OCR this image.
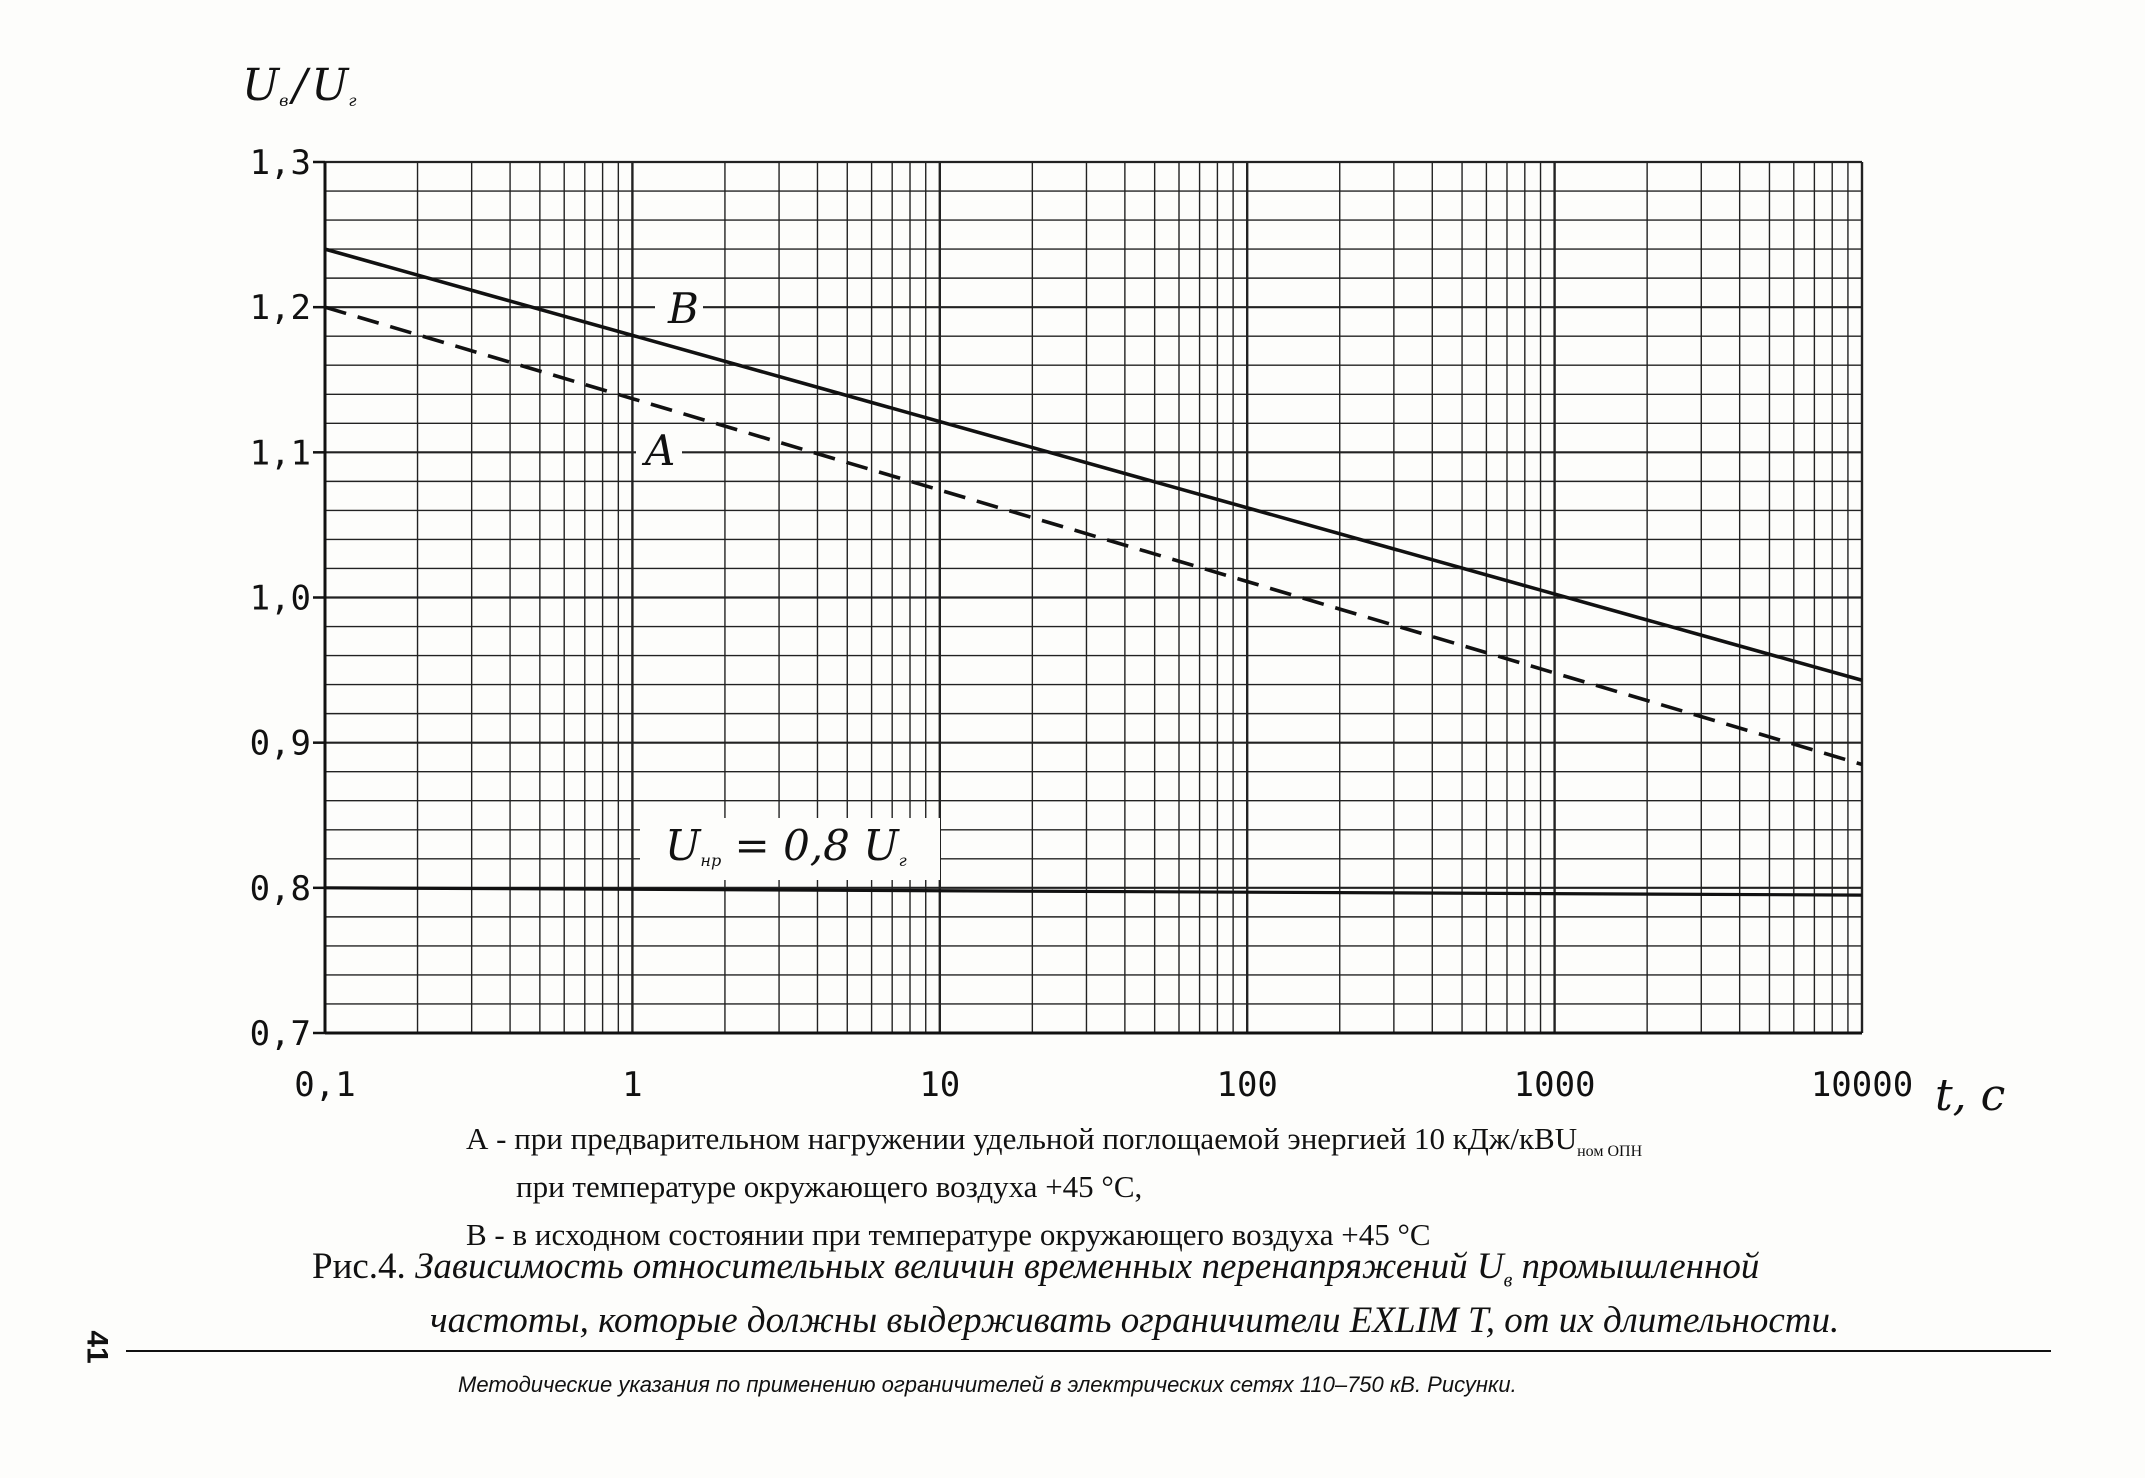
0,7
0,8
0,9
1,0
1,1
1,2
1,3
0,1	1	10	100	1000	10000
Uв/Uг
t, c
B
A
Uнр = 0,8 Uг
А - при предварительном нагружении удельной поглощаемой энергией 10 кДж/кВU$_{ном ОПН}$
при температуре окружающего воздуха +45 °С,
В - в исходном состоянии при температуре окружающего воздуха +45 °С
Рис.4. Зависимость относительных величин временных перенапряжений $U_в$ промышленной
частоты, которые должны выдерживать ограничители EXLIM T, от их длительности.
41
Методические указания по применению ограничителей в электрических сетях 110–750 кВ. Рисунки.
